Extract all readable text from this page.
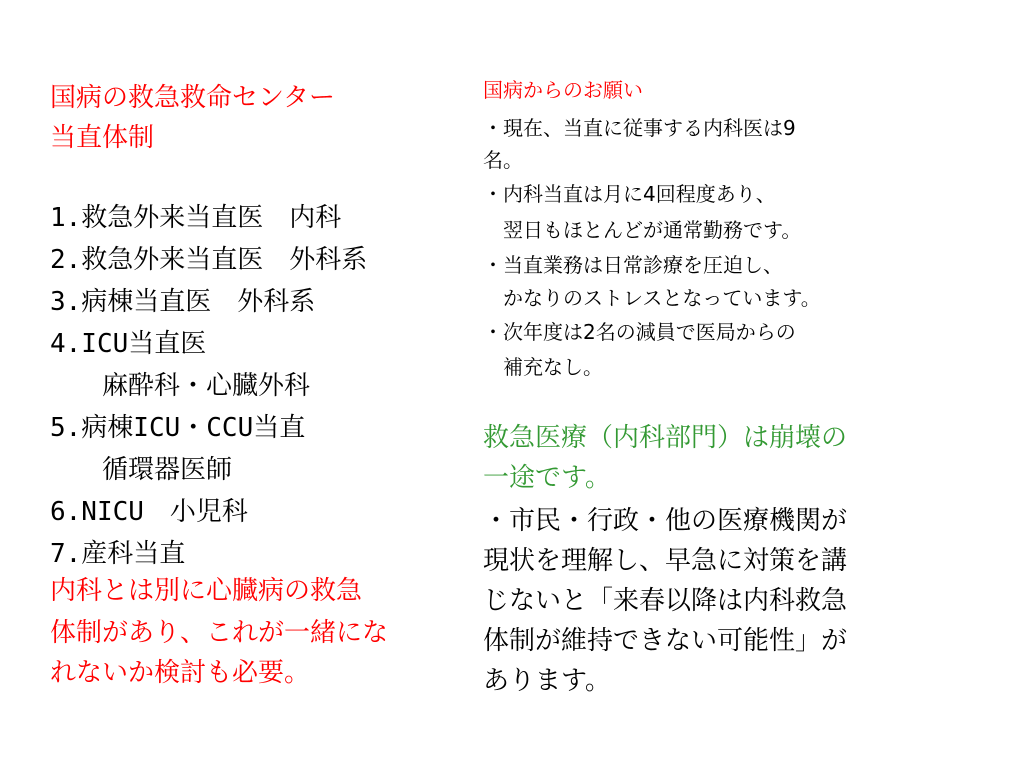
国病の救急救命センター
当直体制
1.救急外来当直医　内科
2.救急外来当直医　外科系
3.病棟当直医　外科系
4.ICU当直医
　　麻酔科・心臓外科
5.病棟ICU・CCU当直
　　循環器医師
6.NICU　小児科
7.産科当直
内科とは別に心臓病の救急
体制があり、これが一緒にな
れないか検討も必要。
国病からのお願い
・現在、当直に従事する内科医は9
名。
・内科当直は月に4回程度あり、
　翌日もほとんどが通常勤務です。
・当直業務は日常診療を圧迫し、
　かなりのストレスとなっています。
・次年度は2名の減員で医局からの
　補充なし。
救急医療（内科部門）は崩壊の
一途です。
・市民・行政・他の医療機関が
現状を理解し、早急に対策を講
じないと「来春以降は内科救急
体制が維持できない可能性」が
あります。
